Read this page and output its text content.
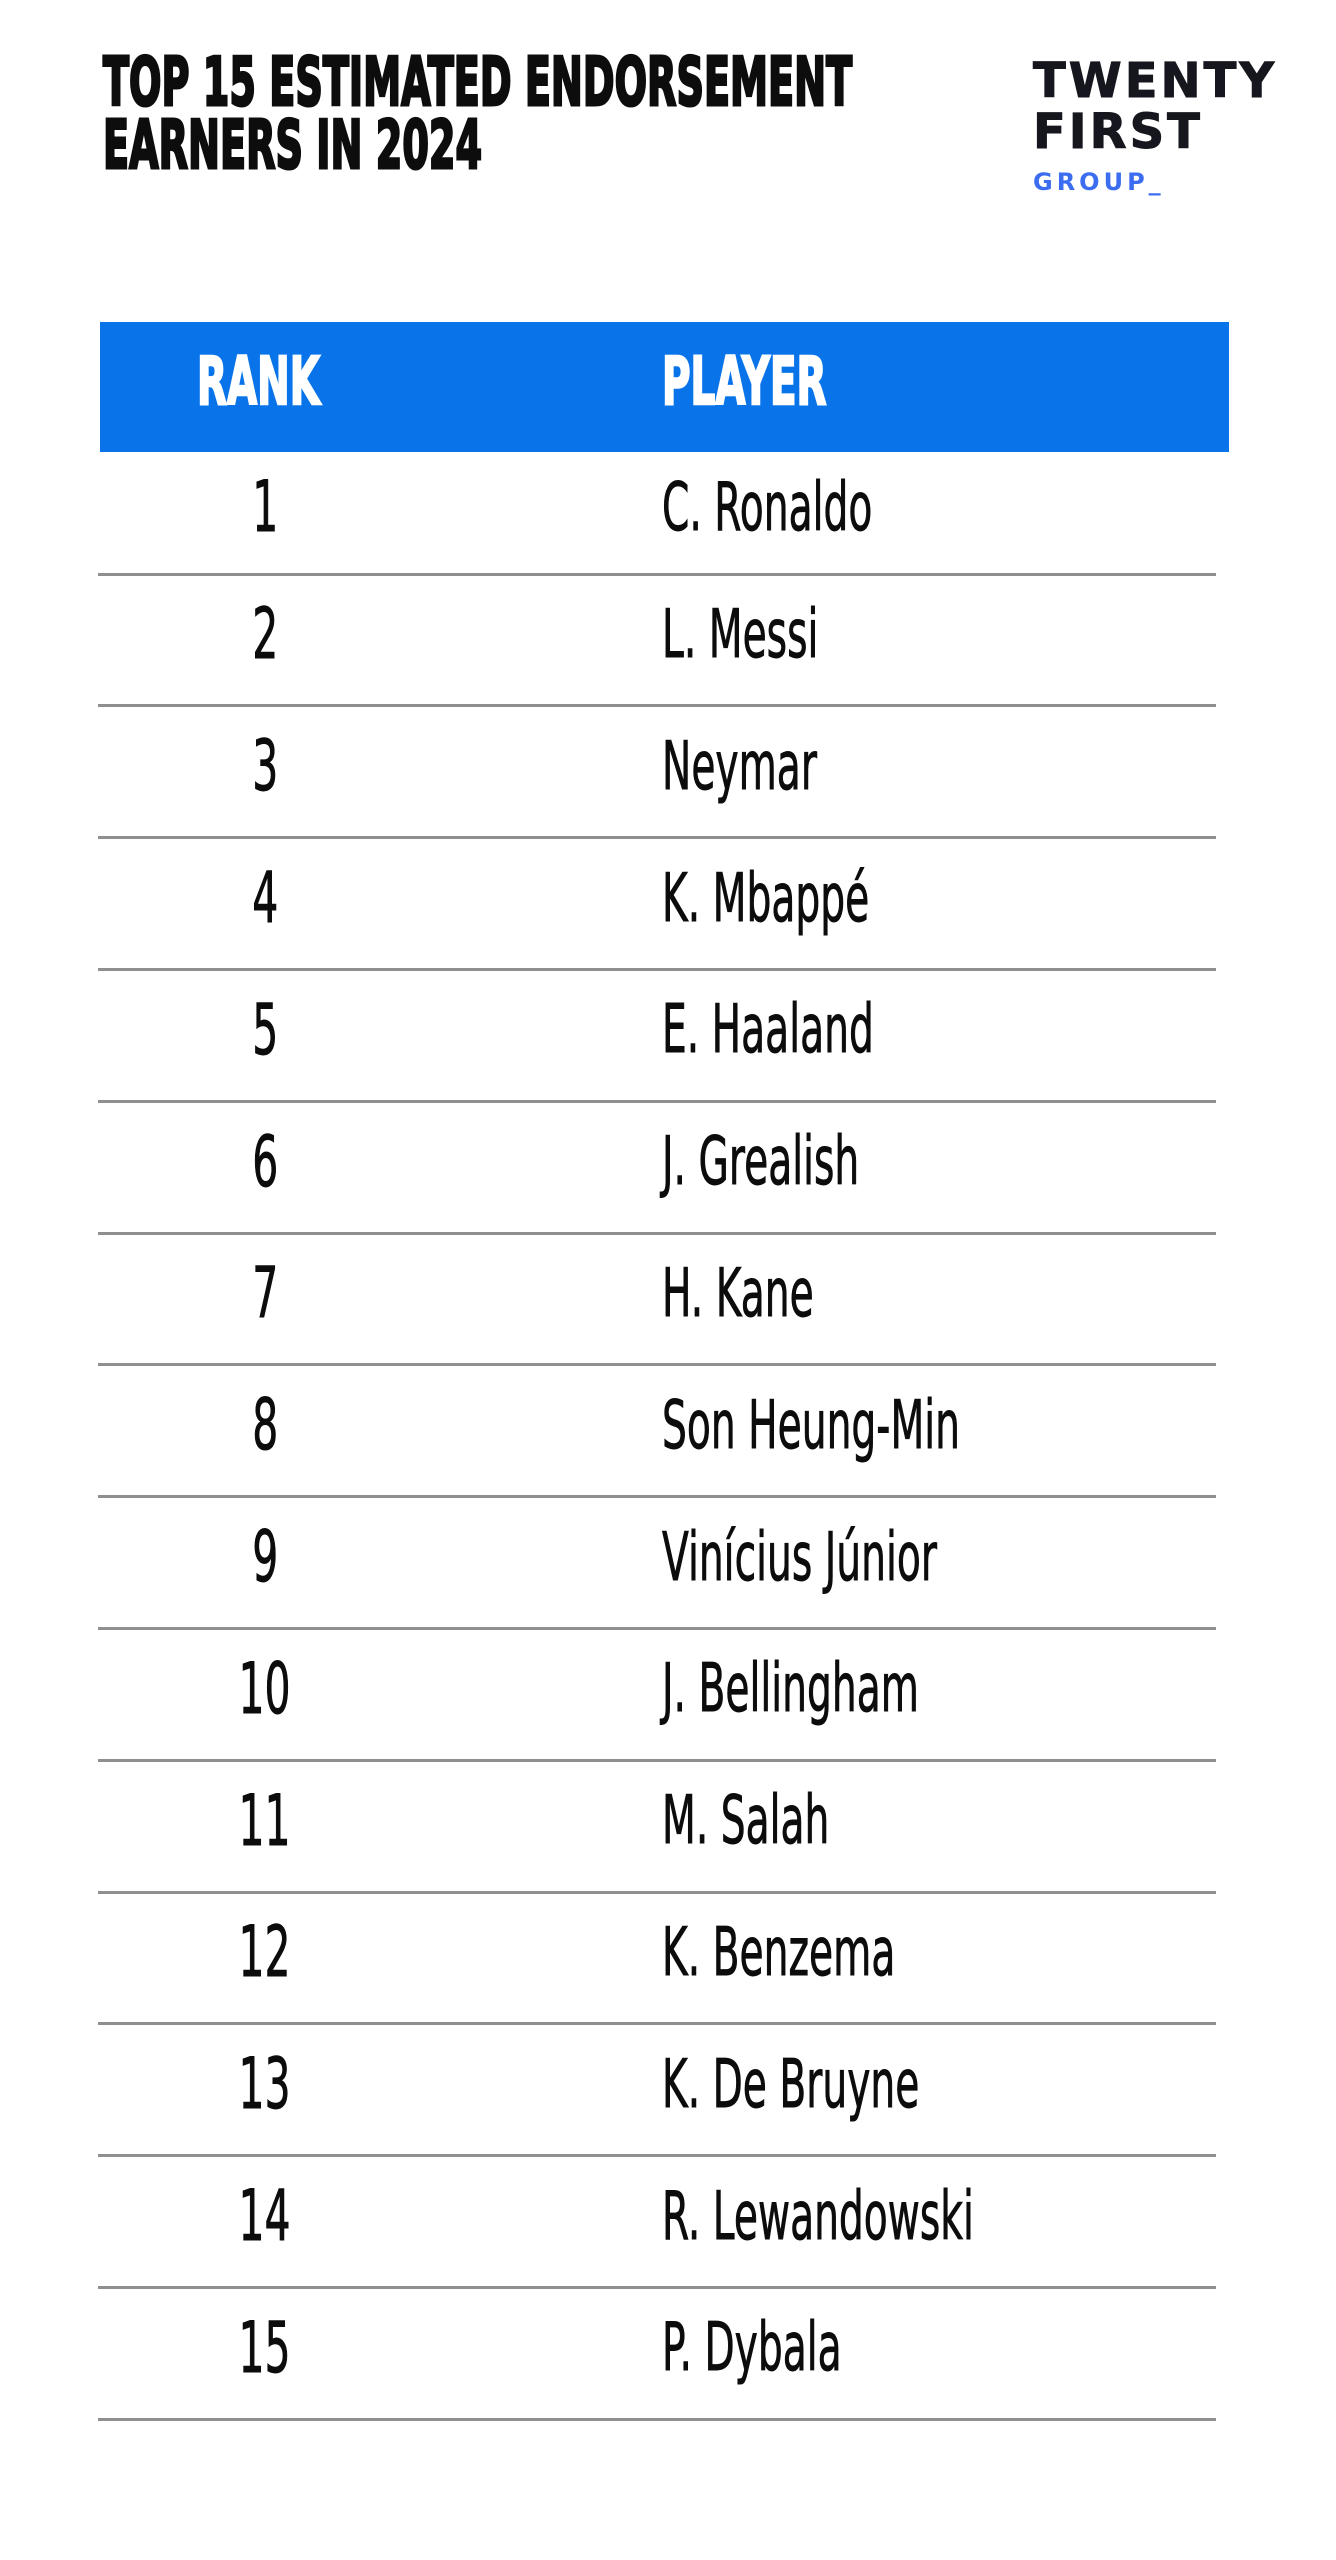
TOP 15 ESTIMATED ENDORSEMENT
EARNERS IN 2024
TWENTY
FIRST
GROUP_
RANK	PLAYER
1	C. Ronaldo
2	L. Messi
3	Neymar
4	K. Mbappé
5	E. Haaland
6	J. Grealish
7	H. Kane
8	Son Heung-Min
9	Vinícius Júnior
10	J. Bellingham
11	M. Salah
12	K. Benzema
13	K. De Bruyne
14	R. Lewandowski
15	P. Dybala
